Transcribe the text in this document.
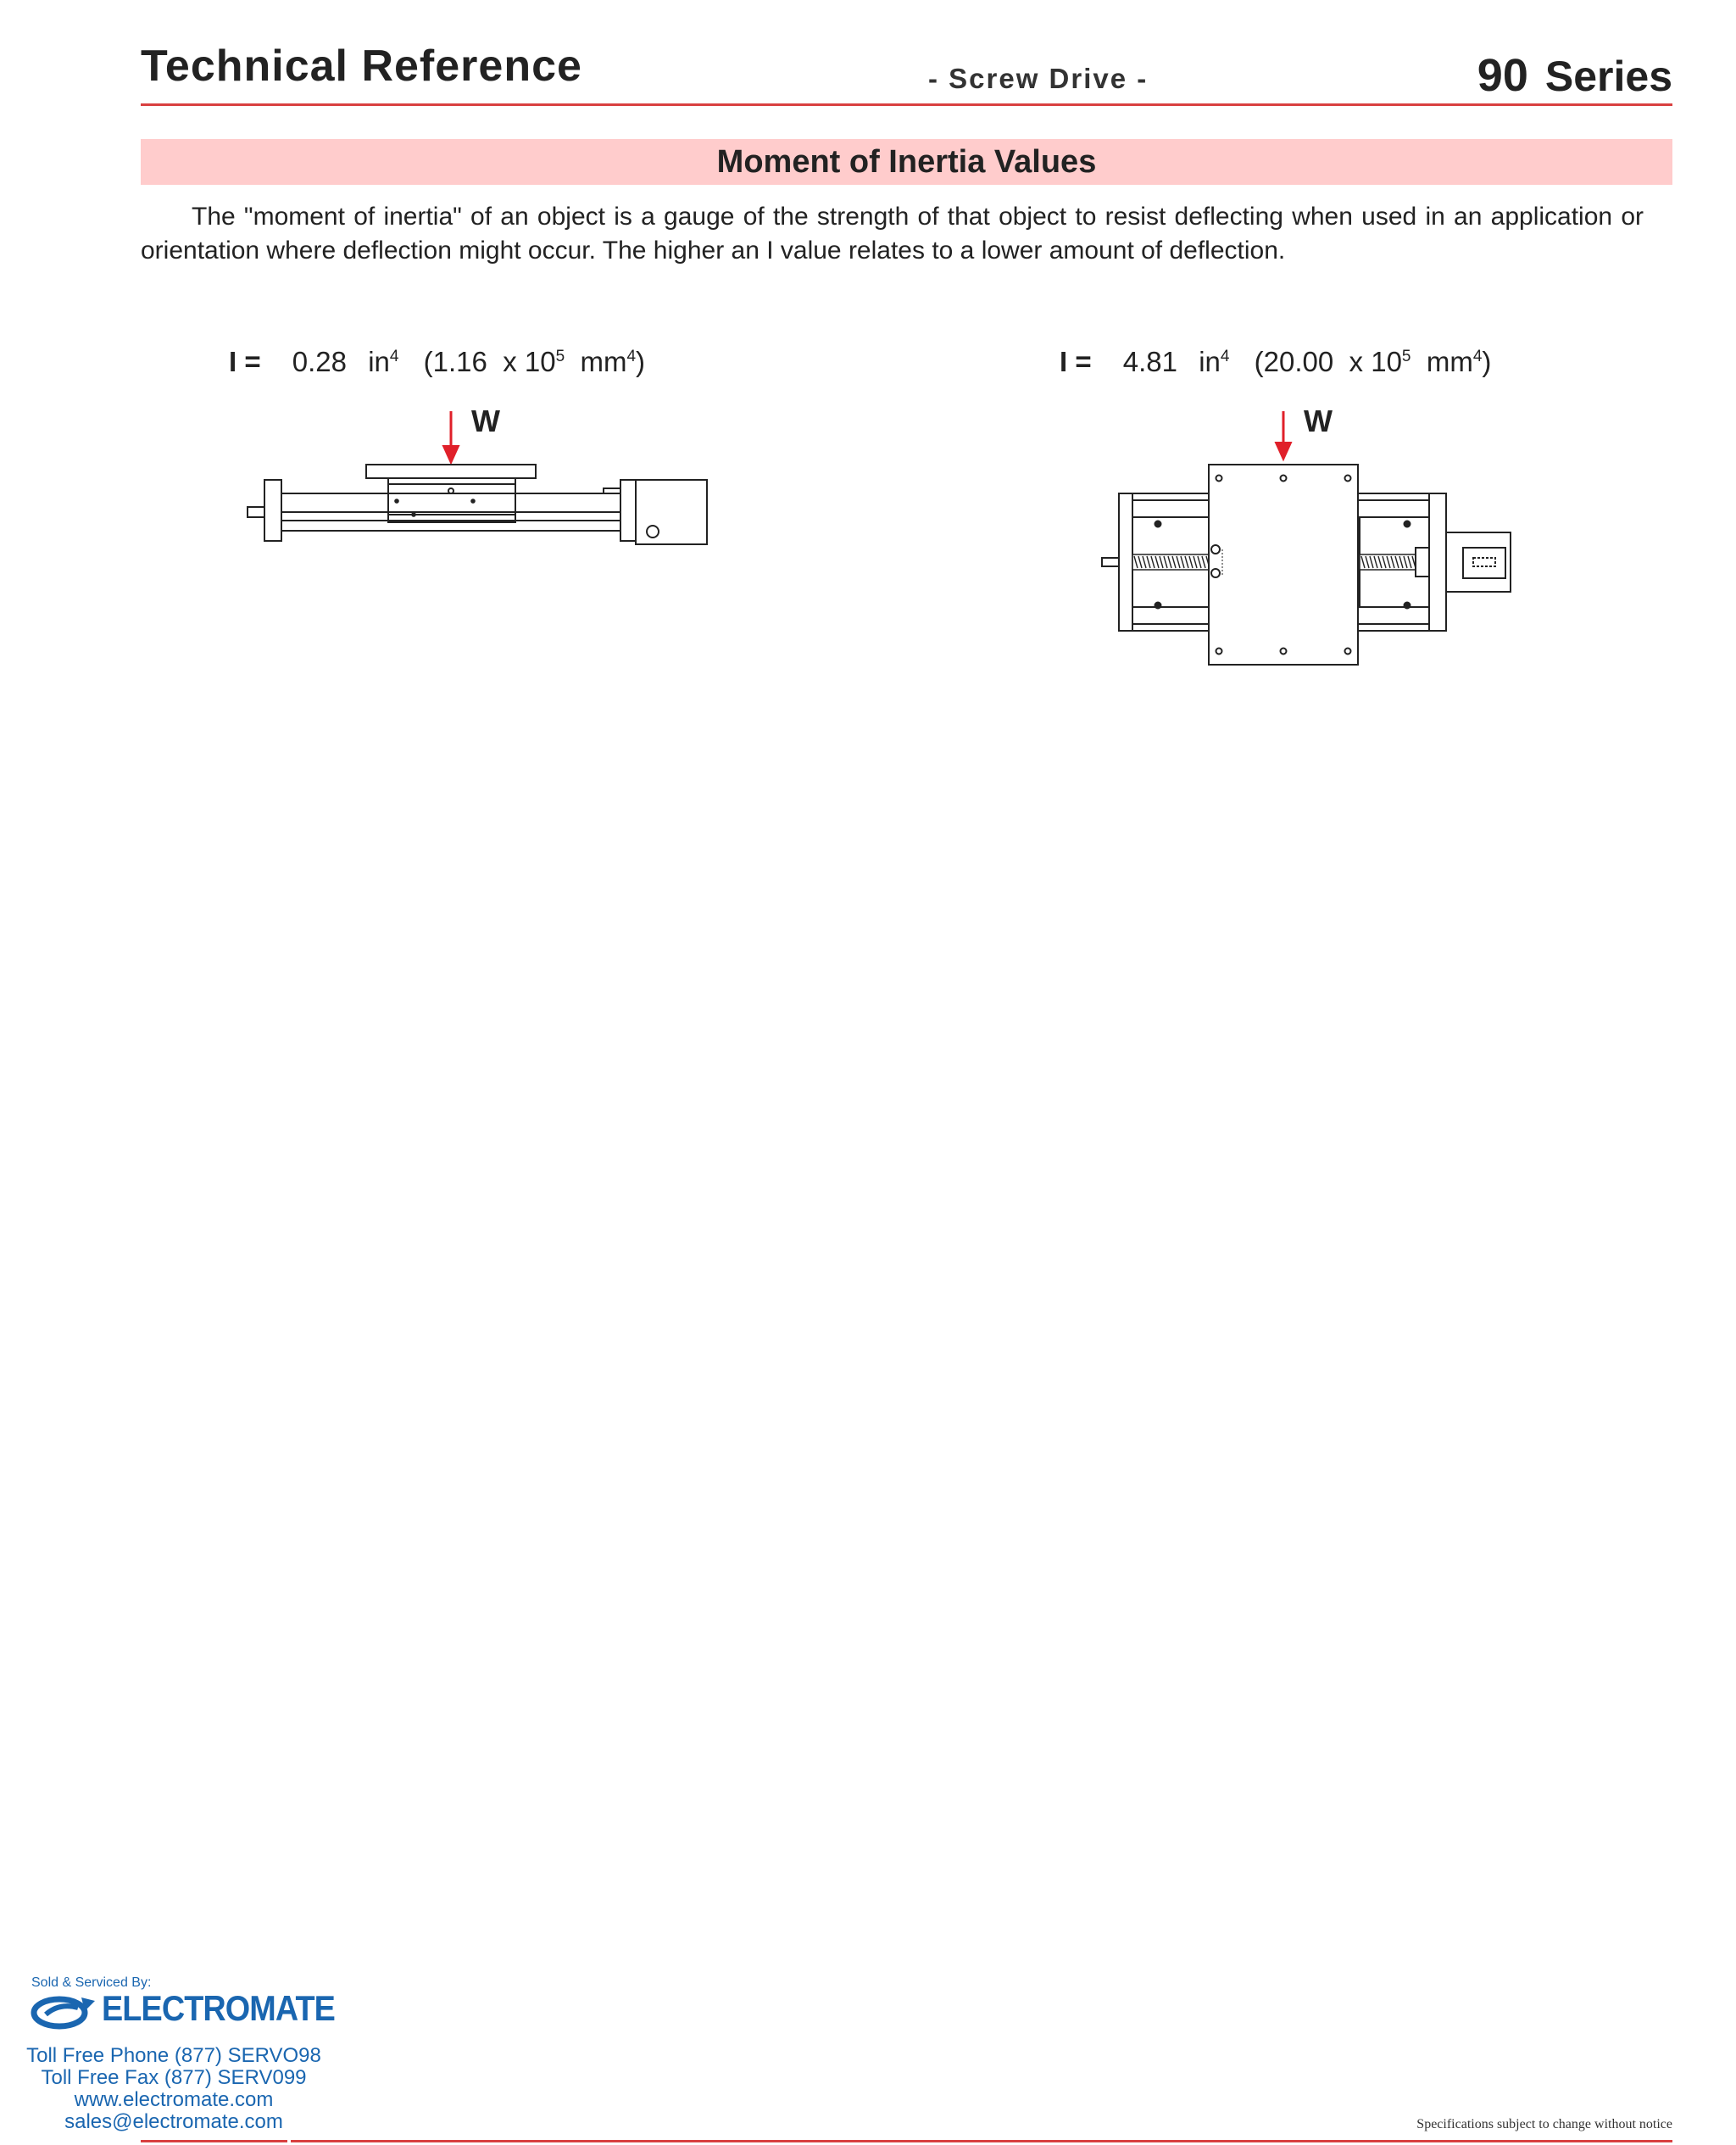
Technical Reference	- Screw Drive -	90 Series
Moment of Inertia Values

The "moment of inertia" of an object is a gauge of the strength of that object to resist deflecting when used in an application or orientation where deflection might occur. The higher an I value relates to a lower amount of deflection.

I = 0.28 $in^4$ (1.16 x $10^5$ $mm^4$)
W
I = 4.81 $in^4$ (20.00 x $10^5$ $mm^4$)
W
Sold & Serviced By:
ELECTROMATE
Toll Free Phone (877) SERVO98
Toll Free Fax (877) SERV099
www.electromate.com
sales@electromate.com	Specifications subject to change without notice
